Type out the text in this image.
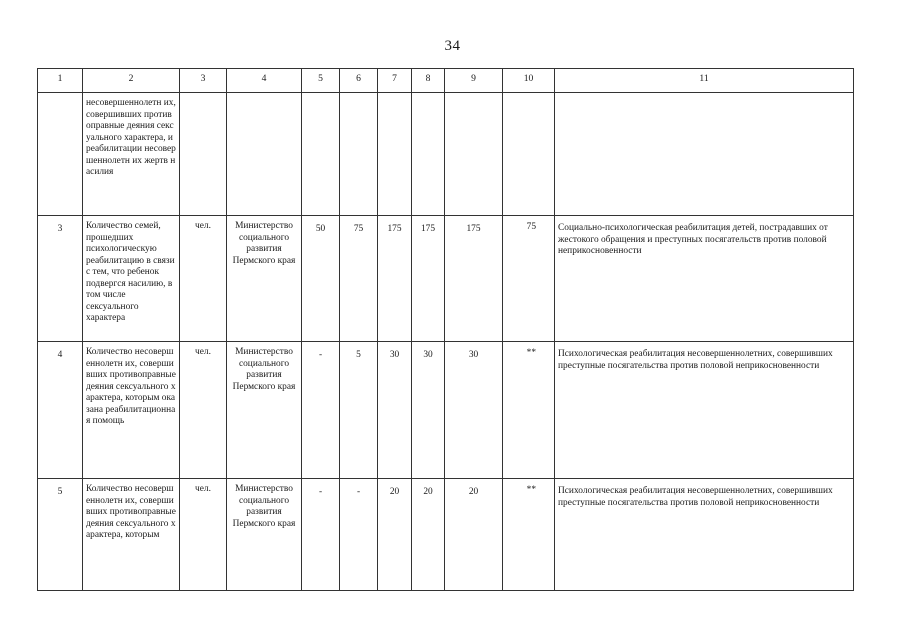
34
1	2	3	4	5	6	7	8	9	10	11
	несовершеннолетн их, совершивших противоправные деяния сексуального характера, и реабилитации несовершеннолетн их жертв насилия									
3	Количество семей, прошедших психологическую реабилитацию в связи с тем, что ребенок подвергся насилию, в том числе сексуального характера	чел.	Министерство социального развития Пермского края	50	75	175	175	175	75	Социально-психологическая реабилитация детей, пострадавших от жестокого обращения и преступных посягательств против половой неприкосновенности
4	Количество несовершеннолетн их, совершивших противоправные деяния сексуального характера, которым оказана реабилитационная помощь	чел.	Министерство социального развития Пермского края	-	5	30	30	30	**	Психологическая реабилитация несовершеннолетних, совершивших преступные посягательства против половой неприкосновенности
5	Количество несовершеннолетн их, совершивших противоправные деяния сексуального характера, которым	чел.	Министерство социального развития Пермского края	-	-	20	20	20	**	Психологическая реабилитация несовершеннолетних, совершивших преступные посягательства против половой неприкосновенности
